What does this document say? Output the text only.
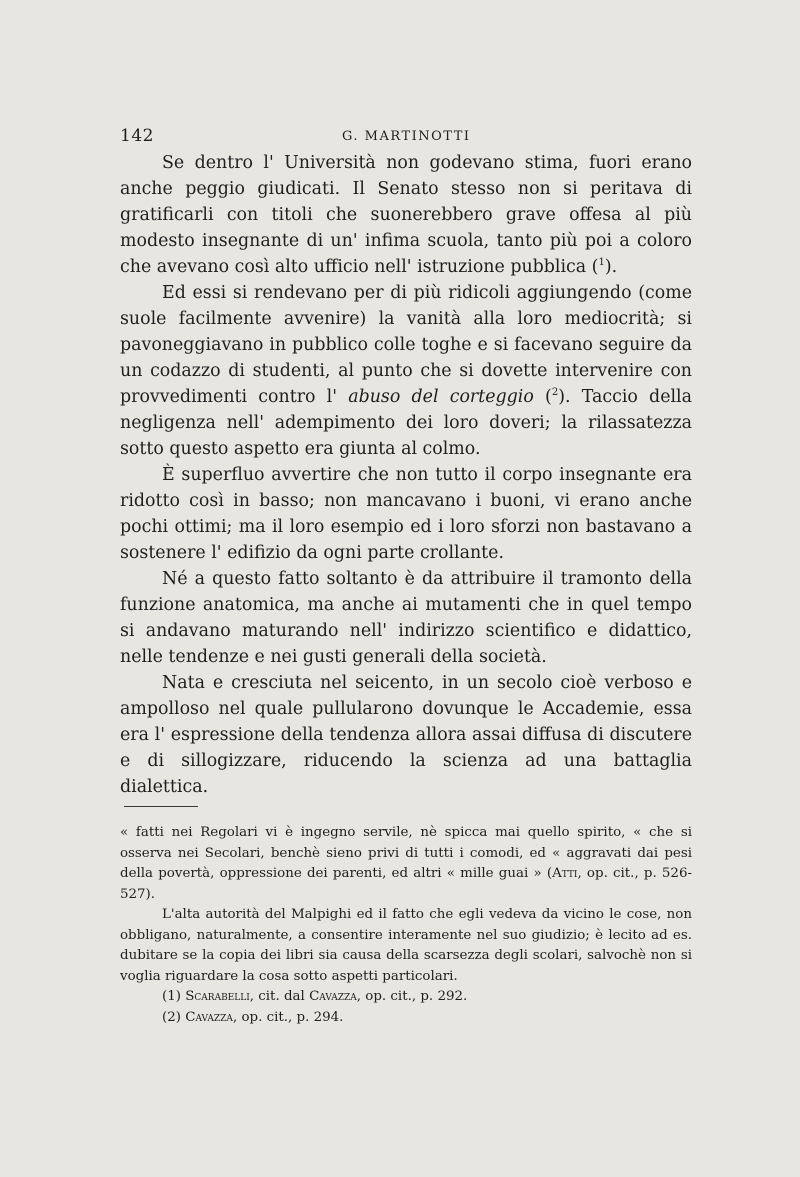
142	G. MARTINOTTI

Se dentro l' Università non godevano stima, fuori erano anche peggio giudicati. Il Senato stesso non si peritava di gratificarli con titoli che suonerebbero grave offesa al più modesto insegnante di un' infima scuola, tanto più poi a coloro che avevano così alto ufficio nell' istruzione pubblica ($^1$).

Ed essi si rendevano per di più ridicoli aggiungendo (come suole facilmente avvenire) la vanità alla loro mediocrità; si pavoneggiavano in pubblico colle toghe e si facevano seguire da un codazzo di studenti, al punto che si dovette intervenire con provvedimenti contro l' abuso del corteggio ($^2$). Taccio della negligenza nell' adempimento dei loro doveri; la rilassatezza sotto questo aspetto era giunta al colmo.

È superfluo avvertire che non tutto il corpo insegnante era ridotto così in basso; non mancavano i buoni, vi erano anche pochi ottimi; ma il loro esempio ed i loro sforzi non bastavano a sostenere l' edifizio da ogni parte crollante.

Né a questo fatto soltanto è da attribuire il tramonto della funzione anatomica, ma anche ai mutamenti che in quel tempo si andavano maturando nell' indirizzo scientifico e didattico, nelle tendenze e nei gusti generali della società.

Nata e cresciuta nel seicento, in un secolo cioè verboso e ampolloso nel quale pullularono dovunque le Accademie, essa era l' espressione della tendenza allora assai diffusa di discutere e di sillogizzare, riducendo la scienza ad una battaglia dialettica.

« fatti nei Regolari vi è ingegno servile, nè spicca mai quello spirito, « che si osserva nei Secolari, benchè sieno privi di tutti i comodi, ed « aggravati dai pesi della povertà, oppressione dei parenti, ed altri « mille guai » (Atti, op. cit., p. 526-527).

L'alta autorità del Malpighi ed il fatto che egli vedeva da vicino le cose, non obbligano, naturalmente, a consentire interamente nel suo giudizio; è lecito ad es. dubitare se la copia dei libri sia causa della scarsezza degli scolari, salvochè non si voglia riguardare la cosa sotto aspetti particolari.

(1) Scarabelli, cit. dal Cavazza, op. cit., p. 292.

(2) Cavazza, op. cit., p. 294.
